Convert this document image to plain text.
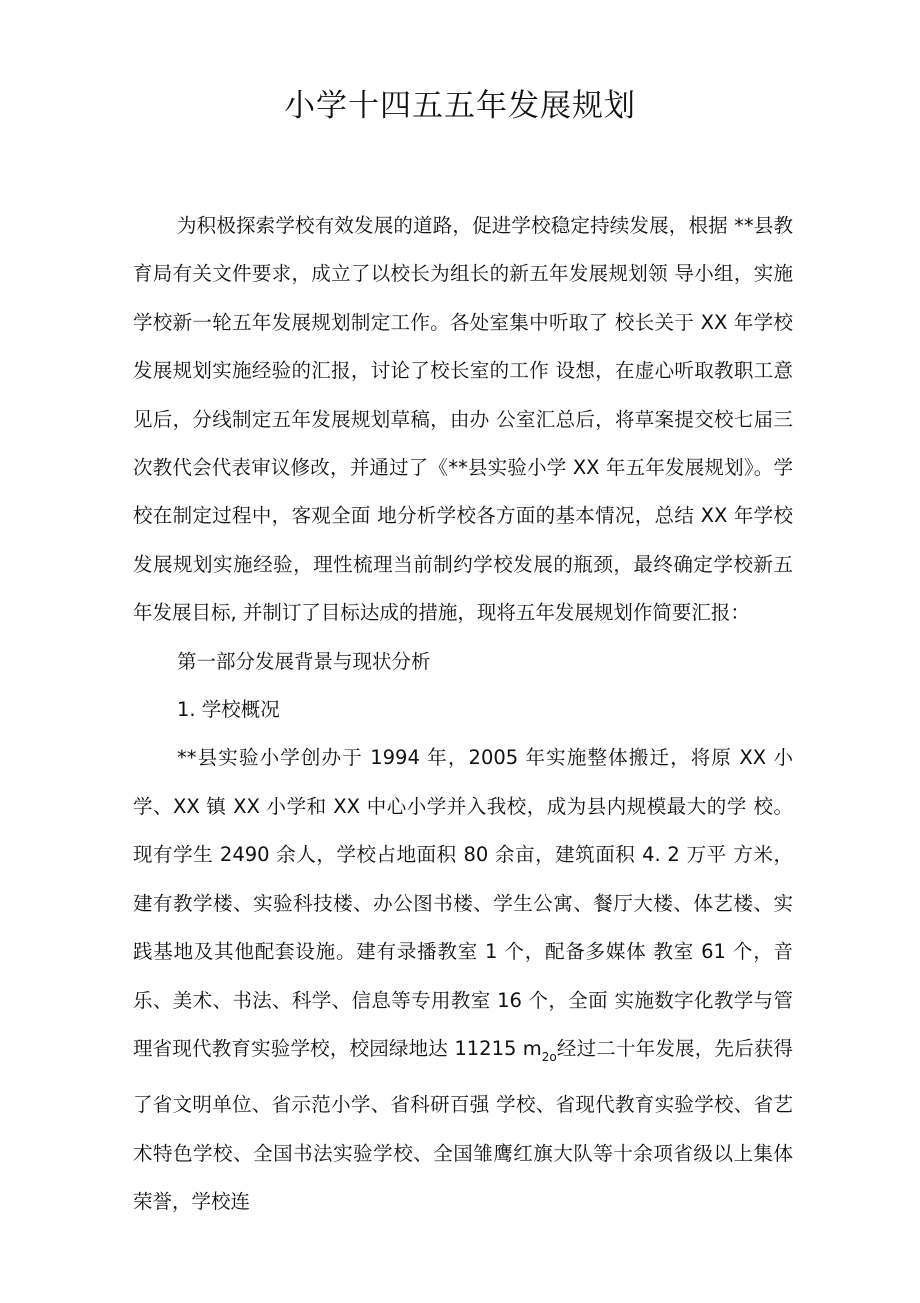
小学十四五五年发展规划

为积极探索学校有效发展的道路，促进学校稳定持续发展，根据 **县教育局有关文件要求，成立了以校长为组长的新五年发展规划领 导小组，实施学校新一轮五年发展规划制定工作。各处室集中听取了 校长关于 XX 年学校发展规划实施经验的汇报，讨论了校长室的工作 设想，在虚心听取教职工意见后，分线制定五年发展规划草稿，由办 公室汇总后，将草案提交校七届三次教代会代表审议修改，并通过了《**县实验小学 XX 年五年发展规划》。学校在制定过程中，客观全面 地分析学校各方面的基本情况，总结 XX 年学校发展规划实施经验，理性梳理当前制约学校发展的瓶颈，最终确定学校新五年发展目标, 并制订了目标达成的措施，现将五年发展规划作简要汇报：

第一部分发展背景与现状分析

1. 学校概况

**县实验小学创办于 1994 年，2005 年实施整体搬迁，将原 XX 小 学、XX 镇 XX 小学和 XX 中心小学并入我校，成为县内规模最大的学 校。现有学生 2490 余人，学校占地面积 80 余亩，建筑面积 4. 2 万平 方米，建有教学楼、实验科技楼、办公图书楼、学生公寓、餐厅大楼、体艺楼、实践基地及其他配套设施。建有录播教室 1 个，配备多媒体 教室 61 个，音乐、美术、书法、科学、信息等专用教室 16 个，全面 实施数字化教学与管理省现代教育实验学校，校园绿地达 11215 $m_{2o}$经过二十年发展，先后获得了省文明单位、省示范小学、省科研百强 学校、省现代教育实验学校、省艺术特色学校、全国书法实验学校、全国雏鹰红旗大队等十余项省级以上集体荣誉，学校连
